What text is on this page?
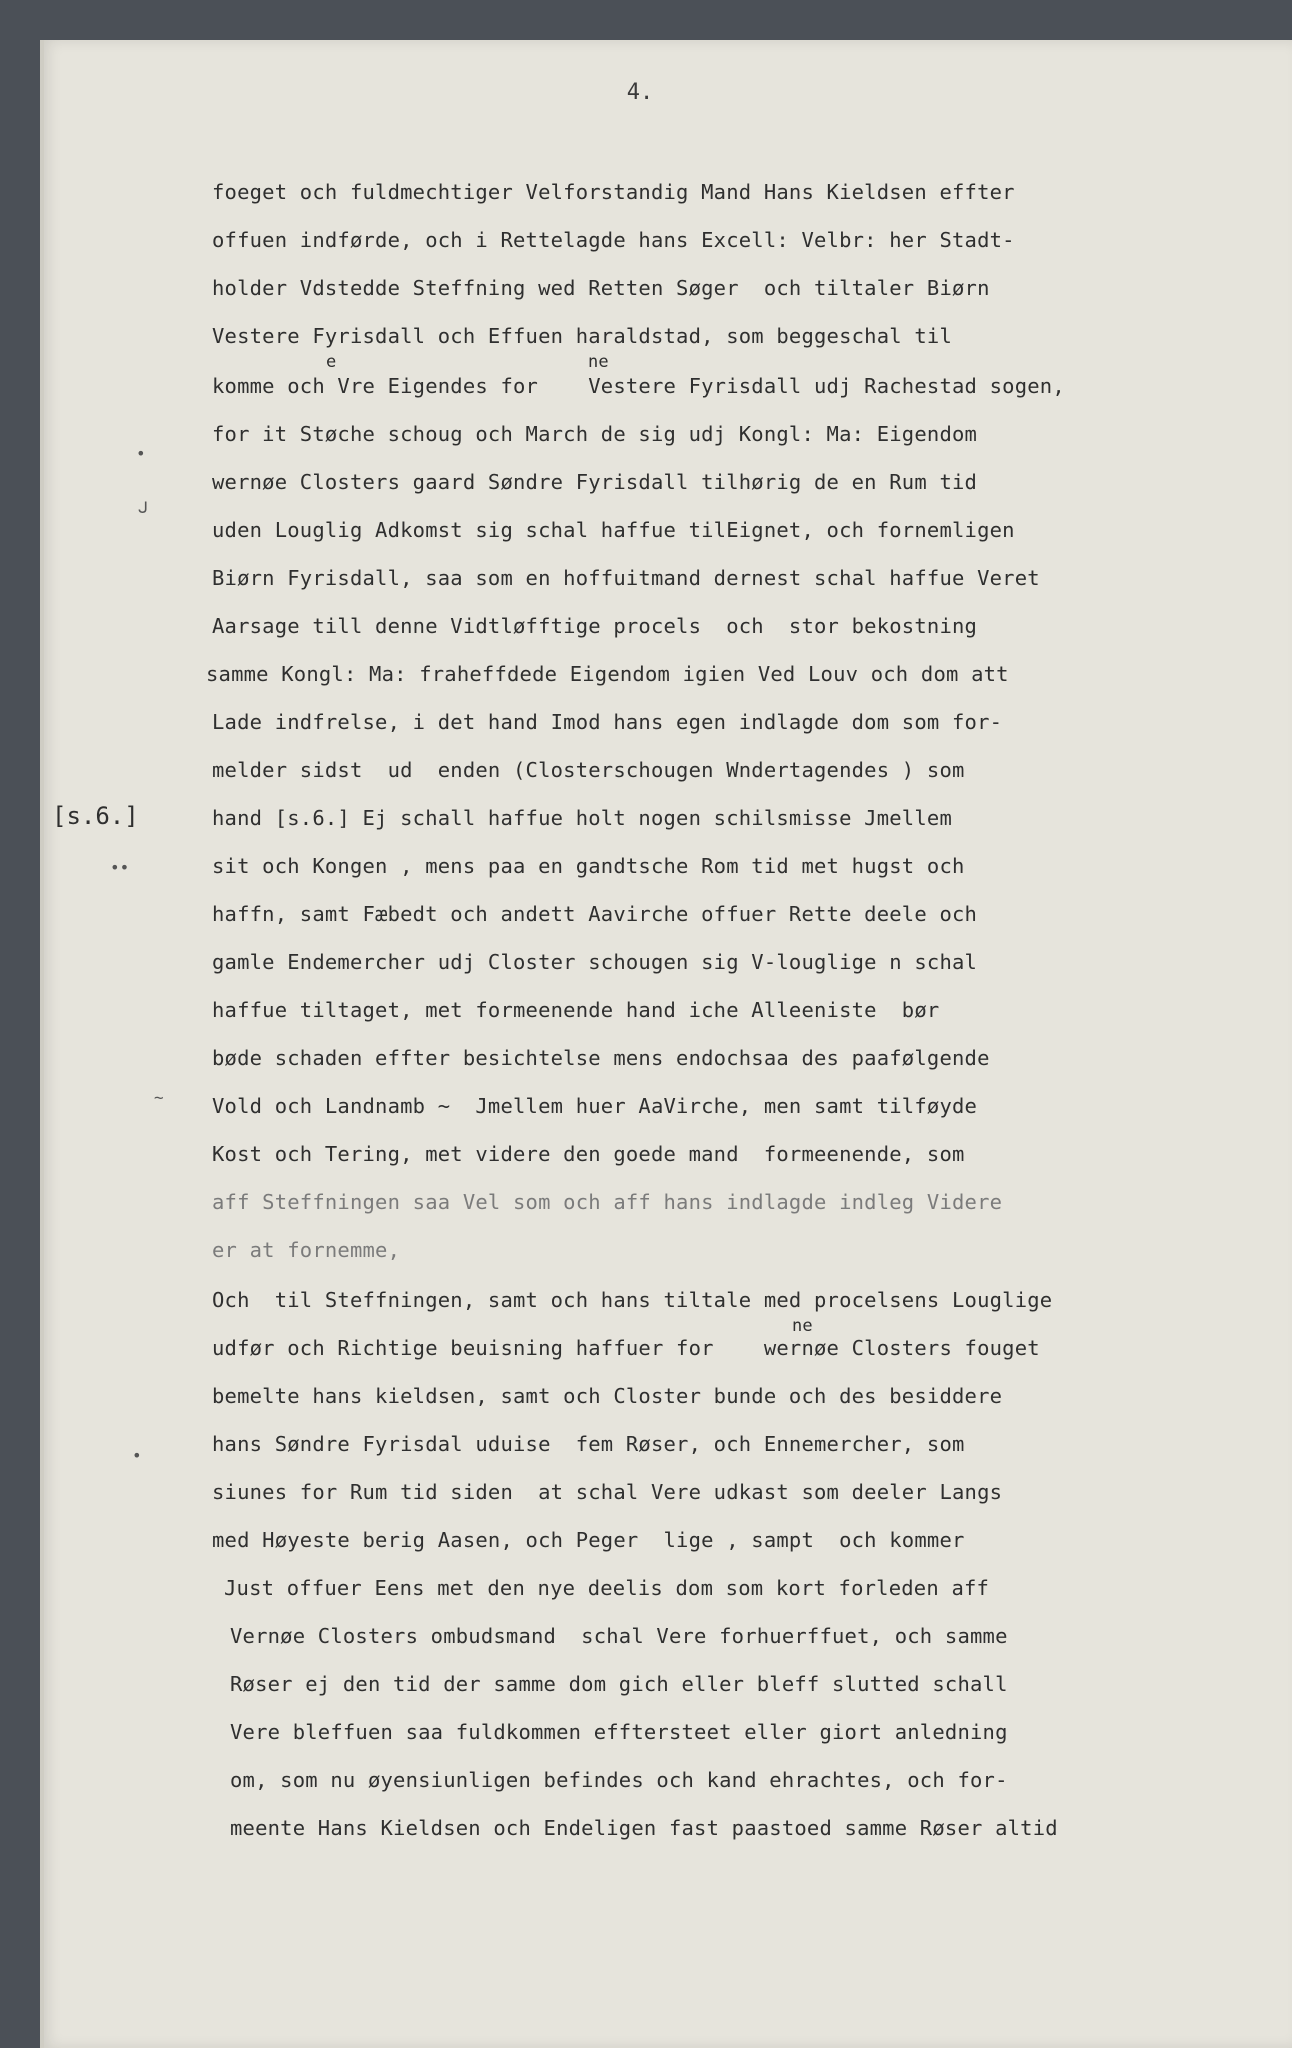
4.
[s.6.]
•
ᒍ
••
~
•
foeget och fuldmechtiger Velforstandig Mand Hans Kieldsen effter
offuen indførde, och i Rettelagde hans Excell: Velbr: her Stadt-
holder Vdstedde Steffning wed Retten Søger  och tiltaler Biørn
Vestere Fyrisdall och Effuen haraldstad, som beggeschal til
e	ne
komme och Vre Eigendes for    Vestere Fyrisdall udj Rachestad sogen,
for it Støche schoug och March de sig udj Kongl: Ma: Eigendom
wernøe Closters gaard Søndre Fyrisdall tilhørig de en Rum tid
uden Louglig Adkomst sig schal haffue tilEignet, och fornemligen
Biørn Fyrisdall, saa som en hoffuitmand dernest schal haffue Veret
Aarsage till denne Vidtløfftige procels  och  stor bekostning
samme Kongl: Ma: fraheffdede Eigendom igien Ved Louv och dom att
Lade indfrelse, i det hand Imod hans egen indlagde dom som for-
melder sidst  ud  enden (Closterschougen Wndertagendes ) som
hand [s.6.] Ej schall haffue holt nogen schilsmisse Jmellem
sit och Kongen , mens paa en gandtsche Rom tid met hugst och
haffn, samt Fæbedt och andett Aavirche offuer Rette deele och
gamle Endemercher udj Closter schougen sig V-louglige n schal
haffue tiltaget, met formeenende hand iche Alleeniste  bør
bøde schaden effter besichtelse mens endochsaa des paafølgende
Vold och Landnamb ~  Jmellem huer AaVirche, men samt tilføyde
Kost och Tering, met videre den goede mand  formeenende, som
aff Steffningen saa Vel som och aff hans indlagde indleg Videre
er at fornemme,
Och  til Steffningen, samt och hans tiltale med procelsens Louglige
ne
udfør och Richtige beuisning haffuer for    wernøe Closters fouget
bemelte hans kieldsen, samt och Closter bunde och des besiddere
hans Søndre Fyrisdal uduise  fem Røser, och Ennemercher, som
siunes for Rum tid siden  at schal Vere udkast som deeler Langs
med Høyeste berig Aasen, och Peger  lige , sampt  och kommer
Just offuer Eens met den nye deelis dom som kort forleden aff
Vernøe Closters ombudsmand  schal Vere forhuerffuet, och samme
Røser ej den tid der samme dom gich eller bleff slutted schall
Vere bleffuen saa fuldkommen efftersteet eller giort anledning
om, som nu øyensiunligen befindes och kand ehrachtes, och for-
meente Hans Kieldsen och Endeligen fast paastoed samme Røser altid
